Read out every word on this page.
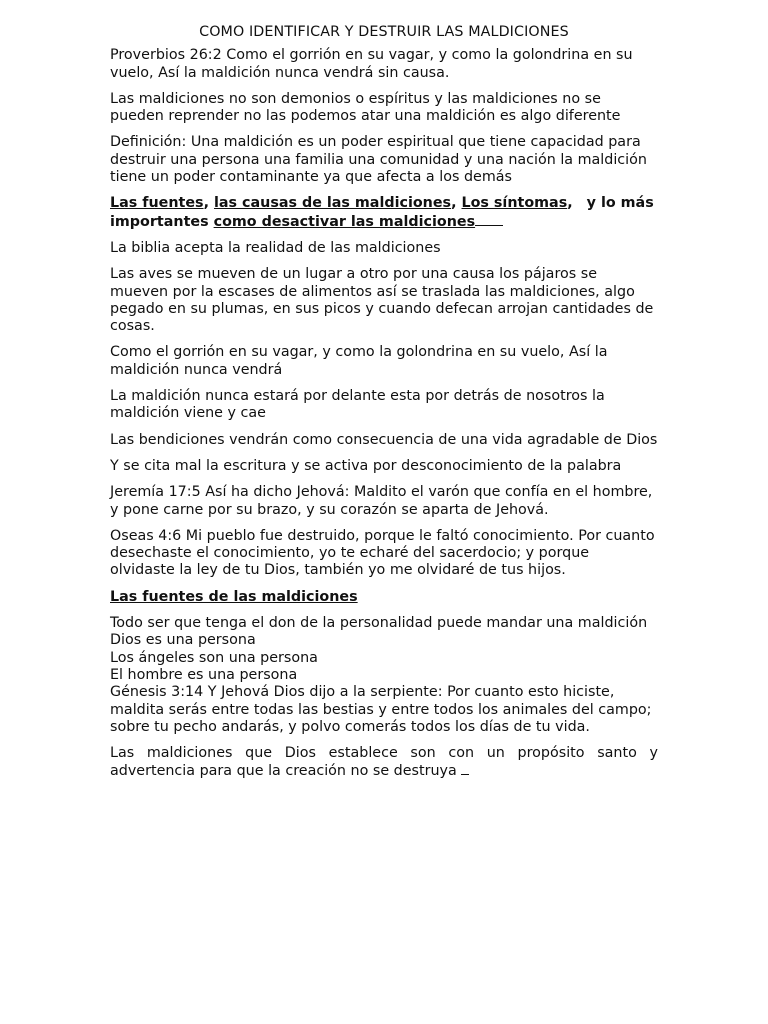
COMO IDENTIFICAR Y DESTRUIR LAS MALDICIONES

Proverbios 26:2 Como el gorrión en su vagar, y como la golondrina en su vuelo, Así la maldición nunca vendrá sin causa.

Las maldiciones no son demonios o espíritus y las maldiciones no se pueden reprender no las podemos atar una maldición es algo diferente

Definición: Una maldición es un poder espiritual que tiene capacidad para destruir una persona una familia una comunidad y una nación la maldición tiene un poder contaminante ya que afecta a los demás

Las fuentes, las causas de las maldiciones, Los síntomas, y lo más importantes como desactivar las maldiciones

La biblia acepta la realidad de las maldiciones

Las aves se mueven de un lugar a otro por una causa los pájaros se mueven por la escases de alimentos así se traslada las maldiciones, algo pegado en su plumas, en sus picos y cuando defecan arrojan cantidades de cosas.

Como el gorrión en su vagar, y como la golondrina en su vuelo, Así la maldición nunca vendrá

La maldición nunca estará por delante esta por detrás de nosotros la maldición viene y cae

Las bendiciones vendrán como consecuencia de una vida agradable de Dios

Y se cita mal la escritura y se activa por desconocimiento de la palabra

Jeremía 17:5 Así ha dicho Jehová: Maldito el varón que confía en el hombre, y pone carne por su brazo, y su corazón se aparta de Jehová.

Oseas 4:6 Mi pueblo fue destruido, porque le faltó conocimiento. Por cuanto desechaste el conocimiento, yo te echaré del sacerdocio; y porque olvidaste la ley de tu Dios, también yo me olvidaré de tus hijos.

Las fuentes de las maldiciones

Todo ser que tenga el don de la personalidad puede mandar una maldición
Dios es una persona
Los ángeles son una persona
El hombre es una persona
Génesis 3:14 Y Jehová Dios dijo a la serpiente: Por cuanto esto hiciste, maldita serás entre todas las bestias y entre todos los animales del campo; sobre tu pecho andarás, y polvo comerás todos los días de tu vida.

Las maldiciones que Dios establece son con un propósito santo y advertencia para que la creación no se destruya
